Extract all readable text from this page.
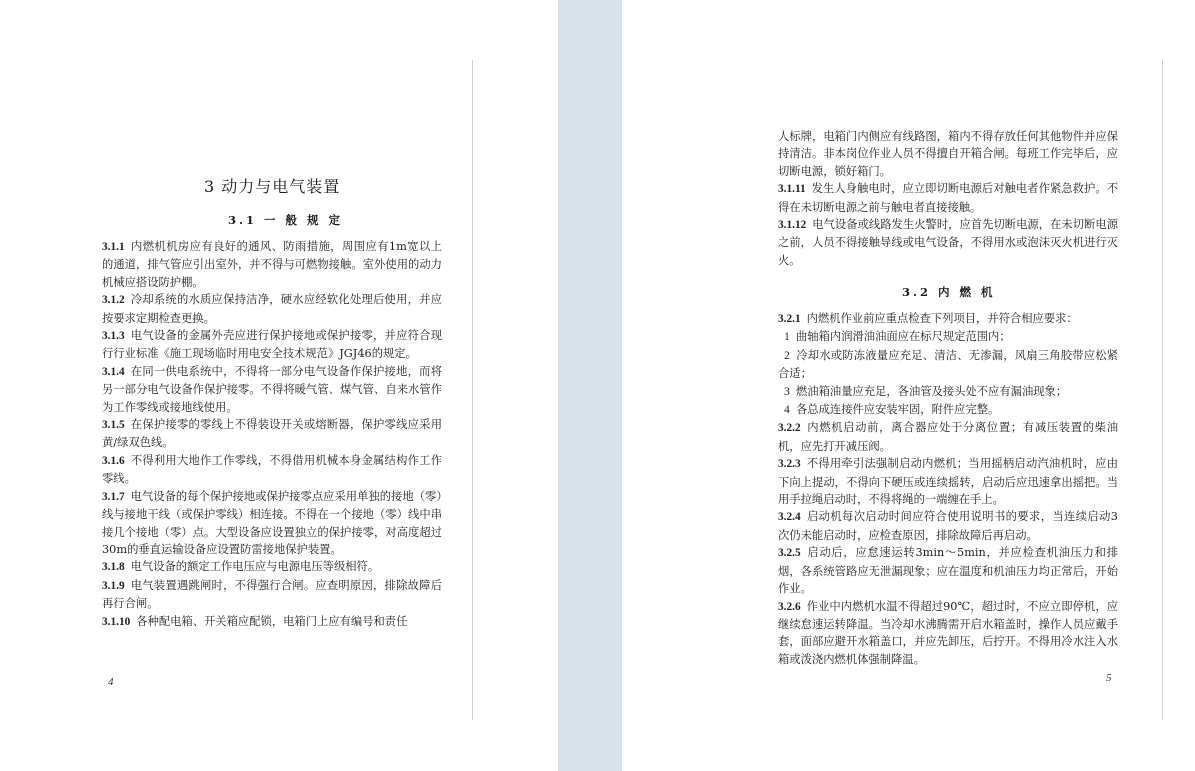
3 动力与电气装置
3.1 一 般 规 定

3.1.1 内燃机机房应有良好的通风、防雨措施，周围应有1m宽以上的通道，排气管应引出室外，并不得与可燃物接触。室外使用的动力机械应搭设防护棚。

3.1.2 冷却系统的水质应保持洁净，硬水应经软化处理后使用，并应按要求定期检查更换。

3.1.3 电气设备的金属外壳应进行保护接地或保护接零，并应符合现行行业标准《施工现场临时用电安全技术规范》JGJ46的规定。

3.1.4 在同一供电系统中，不得将一部分电气设备作保护接地，而将另一部分电气设备作保护接零。不得将暖气管、煤气管、自来水管作为工作零线或接地线使用。

3.1.5 在保护接零的零线上不得装设开关或熔断器，保护零线应采用黄/绿双色线。

3.1.6 不得利用大地作工作零线，不得借用机械本身金属结构作工作零线。

3.1.7 电气设备的每个保护接地或保护接零点应采用单独的接地（零）线与接地干线（或保护零线）相连接。不得在一个接地（零）线中串接几个接地（零）点。大型设备应设置独立的保护接零，对高度超过30m的垂直运输设备应设置防雷接地保护装置。

3.1.8 电气设备的额定工作电压应与电源电压等级相符。

3.1.9 电气装置遇跳闸时，不得强行合闸。应查明原因，排除故障后再行合闸。

3.1.10 各种配电箱、开关箱应配锁，电箱门上应有编号和责任

4

人标牌，电箱门内侧应有线路图，箱内不得存放任何其他物件并应保持清洁。非本岗位作业人员不得擅自开箱合闸。每班工作完毕后，应切断电源，锁好箱门。

3.1.11 发生人身触电时，应立即切断电源后对触电者作紧急救护。不得在未切断电源之前与触电者直接接触。

3.1.12 电气设备或线路发生火警时，应首先切断电源，在未切断电源之前，人员不得接触导线或电气设备，不得用水或泡沫灭火机进行灭火。

3.2 内 燃 机

3.2.1 内燃机作业前应重点检查下列项目，并符合相应要求：

1 曲轴箱内润滑油油面应在标尺规定范围内；

2 冷却水或防冻液量应充足、清洁、无渗漏，风扇三角胶带应松紧合适；

3 燃油箱油量应充足，各油管及接头处不应有漏油现象；

4 各总成连接件应安装牢固，附件应完整。

3.2.2 内燃机启动前，离合器应处于分离位置；有减压装置的柴油机，应先打开减压阀。

3.2.3 不得用牵引法强制启动内燃机；当用摇柄启动汽油机时，应由下向上提动，不得向下硬压或连续摇转，启动后应迅速拿出摇把。当用手拉绳启动时，不得将绳的一端缠在手上。

3.2.4 启动机每次启动时间应符合使用说明书的要求，当连续启动3次仍未能启动时，应检查原因，排除故障后再启动。

3.2.5 启动后，应怠速运转3min～5min，并应检查机油压力和排烟，各系统管路应无泄漏现象；应在温度和机油压力均正常后，开始作业。

3.2.6 作业中内燃机水温不得超过90℃，超过时，不应立即停机，应继续怠速运转降温。当冷却水沸腾需开启水箱盖时，操作人员应戴手套，面部应避开水箱盖口，并应先卸压，后拧开。不得用冷水注入水箱或泼浇内燃机体强制降温。

5
